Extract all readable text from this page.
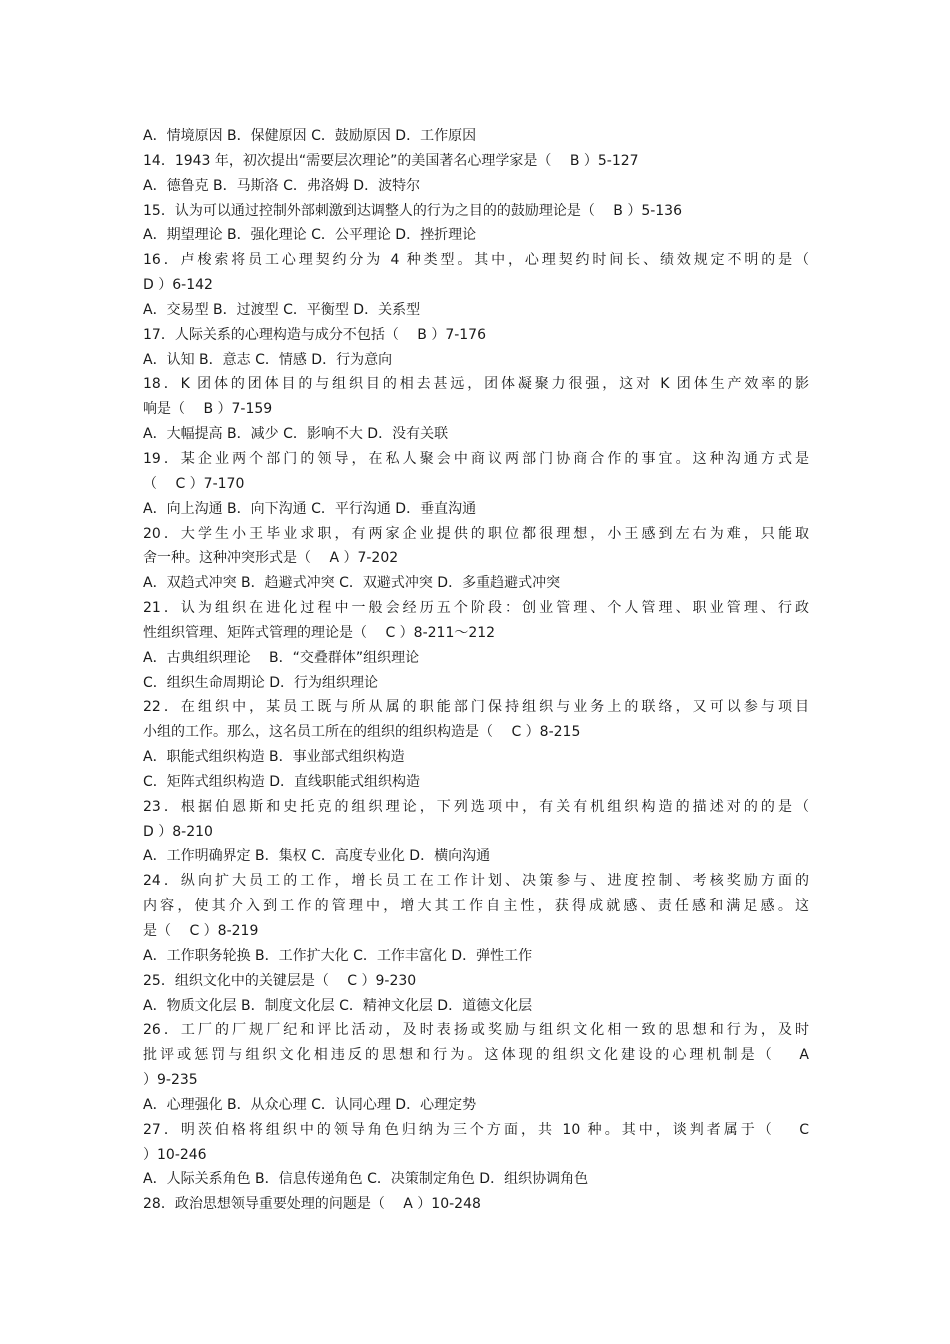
A．情境原因 B．保健原因 C．鼓励原因 D．工作原因
14．1943 年，初次提出“需要层次理论”的美国著名心理学家是（　 B ）5-127
A．德鲁克 B．马斯洛 C．弗洛姆 D．波特尔
15．认为可以通过控制外部刺激到达调整人的行为之目的的鼓励理论是（　 B ）5-136
A．期望理论 B．强化理论 C．公平理论 D．挫折理论
16．卢梭索将员工心理契约分为 4 种类型。其中，心理契约时间长、绩效规定不明的是（
D ）6-142
A．交易型 B．过渡型 C．平衡型 D．关系型
17．人际关系的心理构造与成分不包括（　 B ）7-176
A．认知 B．意志 C．情感 D．行为意向
18．K 团体的团体目的与组织目的相去甚远，团体凝聚力很强，这对 K 团体生产效率的影
响是（　 B ）7-159
A．大幅提高 B．减少 C．影响不大 D．没有关联
19．某企业两个部门的领导，在私人聚会中商议两部门协商合作的事宜。这种沟通方式是
（　 C ）7-170
A．向上沟通 B．向下沟通 C．平行沟通 D．垂直沟通
20．大学生小王毕业求职，有两家企业提供的职位都很理想，小王感到左右为难，只能取
舍一种。这种冲突形式是（　 A ）7-202
A．双趋式冲突 B．趋避式冲突 C．双避式冲突 D．多重趋避式冲突
21．认为组织在进化过程中一般会经历五个阶段：创业管理、个人管理、职业管理、行政
性组织管理、矩阵式管理的理论是（　 C ）8-211～212
A．古典组织理论　 B．“交叠群体”组织理论
C．组织生命周期论 D．行为组织理论
22．在组织中，某员工既与所从属的职能部门保持组织与业务上的联络，又可以参与项目
小组的工作。那么，这名员工所在的组织的组织构造是（　 C ）8-215
A．职能式组织构造 B．事业部式组织构造
C．矩阵式组织构造 D．直线职能式组织构造
23．根据伯恩斯和史托克的组织理论，下列选项中，有关有机组织构造的描述对的的是（
D ）8-210
A．工作明确界定 B．集权 C．高度专业化 D．横向沟通
24．纵向扩大员工的工作，增长员工在工作计划、决策参与、进度控制、考核奖励方面的
内容，使其介入到工作的管理中，增大其工作自主性，获得成就感、责任感和满足感。这
是（　 C ）8-219
A．工作职务轮换 B．工作扩大化 C．工作丰富化 D．弹性工作
25．组织文化中的关键层是（　 C ）9-230
A．物质文化层 B．制度文化层 C．精神文化层 D．道德文化层
26．工厂的厂规厂纪和评比活动，及时表扬或奖励与组织文化相一致的思想和行为，及时
批评或惩罚与组织文化相违反的思想和行为。这体现的组织文化建设的心理机制是（　 A
）9-235
A．心理强化 B．从众心理 C．认同心理 D．心理定势
27．明茨伯格将组织中的领导角色归纳为三个方面，共 10 种。其中，谈判者属于（　 C
）10-246
A．人际关系角色 B．信息传递角色 C．决策制定角色 D．组织协调角色
28．政治思想领导重要处理的问题是（　 A ）10-248
